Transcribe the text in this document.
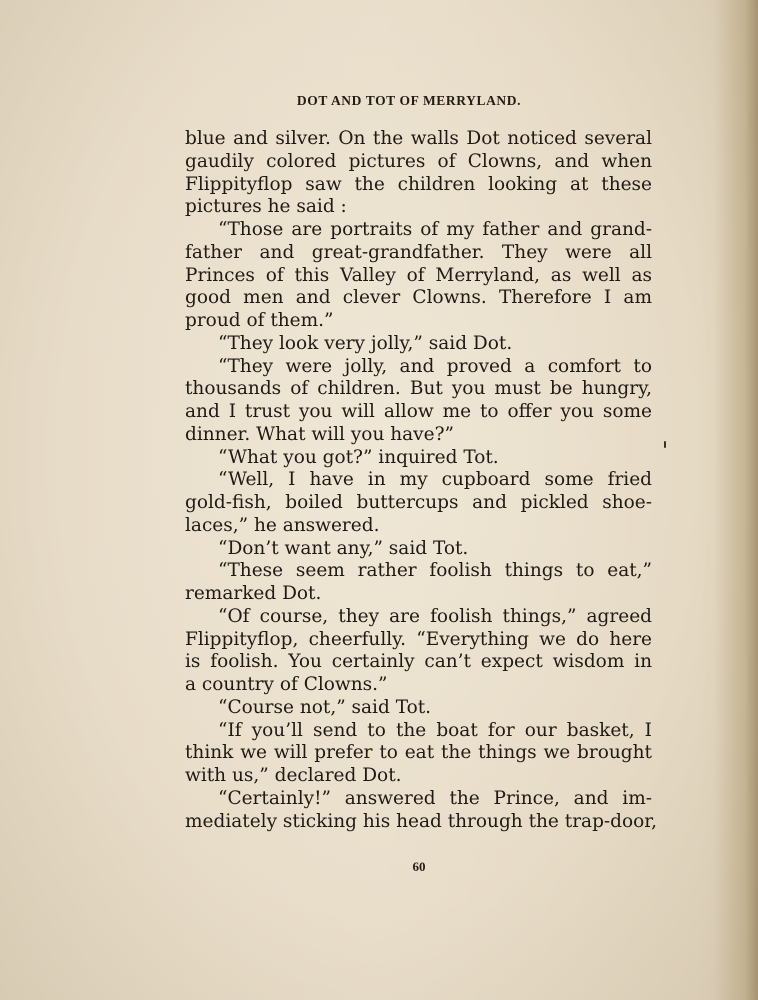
DOT AND TOT OF MERRYLAND.
blue and silver. On the walls Dot noticed several
gaudily colored pictures of Clowns, and when
Flippityflop saw the children looking at these
pictures he said :
“Those are portraits of my father and grand-
father and great-grandfather. They were all
Princes of this Valley of Merryland, as well as
good men and clever Clowns. Therefore I am
proud of them.”
“They look very jolly,” said Dot.
“They were jolly, and proved a comfort to
thousands of children. But you must be hungry,
and I trust you will allow me to offer you some
dinner. What will you have?”
“What you got?” inquired Tot.
“Well, I have in my cupboard some fried
gold-fish, boiled buttercups and pickled shoe-
laces,” he answered.
“Don’t want any,” said Tot.
“These seem rather foolish things to eat,”
remarked Dot.
“Of course, they are foolish things,” agreed
Flippityflop, cheerfully. “Everything we do here
is foolish. You certainly can’t expect wisdom in
a country of Clowns.”
“Course not,” said Tot.
“If you’ll send to the boat for our basket, I
think we will prefer to eat the things we brought
with us,” declared Dot.
“Certainly!” answered the Prince, and im-
mediately sticking his head through the trap-door,
60
